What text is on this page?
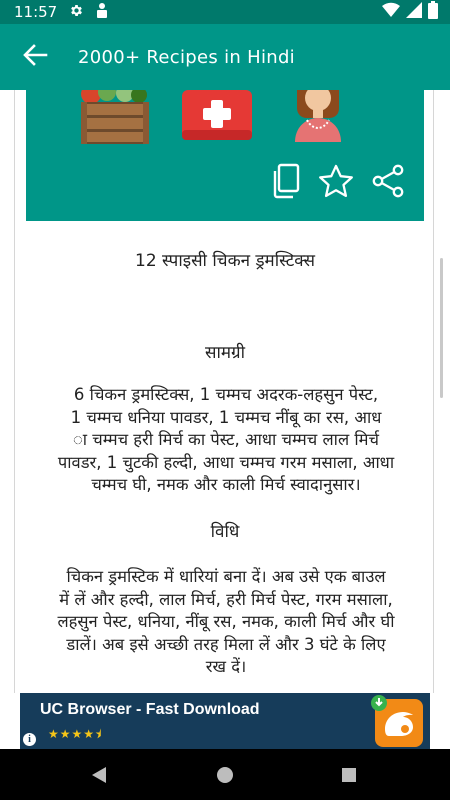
11:57
2000+ Recipes in Hindi
12 स्पाइसी चिकन ड्रमस्टिक्स
सामग्री
6 चिकन ड्रमस्टिक्स, 1 चम्मच अदरक-लहसुन पेस्ट,
1 चम्मच धनिया पावडर, 1 चम्मच नींबू का रस, आध
ा चम्मच हरी मिर्च का पेस्ट, आधा चम्मच लाल मिर्च
पावडर, 1 चुटकी हल्दी, आधा चम्मच गरम मसाला, आधा
चम्मच घी, नमक और काली मिर्च स्वादानुसार।
विधि
चिकन ड्रमस्टिक में धारियां बना दें। अब उसे एक बाउल
में लें और हल्दी, लाल मिर्च, हरी मिर्च पेस्ट, गरम मसाला,
लहसुन पेस्ट, धनिया, नींबू रस, नमक, काली मिर्च और घी
डालें। अब इसे अच्छी तरह मिला लें और 3 घंटे के लिए
रख दें।
UC Browser - Fast Download
★★★★⯨
i
